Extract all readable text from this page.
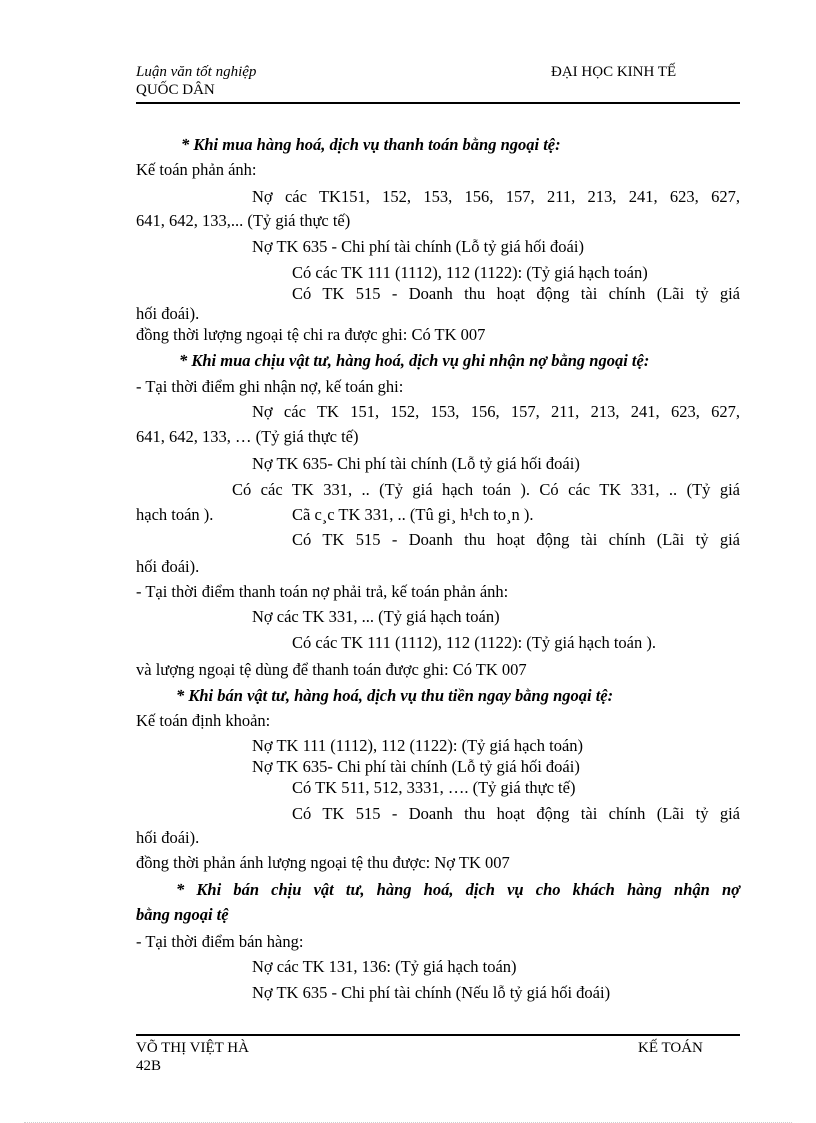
Luận văn tốt nghiệp	ĐẠI HỌC KINH TẾ
QUỐC DÂN
* Khi mua hàng hoá, dịch vụ thanh toán bằng ngoại tệ:
Kế toán phản ánh:
Nợ các TK151, 152, 153, 156, 157, 211, 213, 241, 623, 627,
641, 642, 133,... (Tỷ giá thực tế)
Nợ TK 635 - Chi phí tài chính (Lỗ tỷ giá hối đoái)
Có các TK 111 (1112), 112 (1122): (Tỷ giá hạch toán)
Có TK 515 - Doanh thu hoạt động tài chính (Lãi tỷ giá
hối đoái).
đồng thời lượng ngoại tệ chi ra được ghi: Có TK 007
* Khi mua chịu vật tư, hàng hoá, dịch vụ ghi nhận nợ bằng ngoại tệ:
- Tại thời điểm ghi nhận nợ, kế toán ghi:
Nợ các TK 151, 152, 153, 156, 157, 211, 213, 241, 623, 627,
641, 642, 133, … (Tỷ giá thực tế)
Nợ TK 635- Chi phí tài chính (Lỗ tỷ giá hối đoái)
Có các TK 331, .. (Tỷ giá hạch toán ). Có các TK 331, .. (Tỷ giá
hạch toán ).	Cã c¸c TK 331, .. (Tû gi¸ h¹ch to¸n ).
Có TK 515 - Doanh thu hoạt động tài chính (Lãi tỷ giá
hối đoái).
- Tại thời điểm thanh toán nợ phải trả, kế toán phản ánh:
Nợ các TK 331, ... (Tỷ giá hạch toán)
Có các TK 111 (1112), 112 (1122): (Tỷ giá hạch toán ).
và lượng ngoại tệ dùng để thanh toán được ghi: Có TK 007
* Khi bán vật tư, hàng hoá, dịch vụ thu tiền ngay bằng ngoại tệ:
Kế toán định khoản:
Nợ TK 111 (1112), 112 (1122): (Tỷ giá hạch toán)
Nợ TK 635- Chi phí tài chính (Lỗ tỷ giá hối đoái)
Có TK 511, 512, 3331, …. (Tỷ giá thực tế)
Có TK 515 - Doanh thu hoạt động tài chính (Lãi tỷ giá
hối đoái).
đồng thời phản ánh lượng ngoại tệ thu được: Nợ TK 007
* Khi bán chịu vật tư, hàng hoá, dịch vụ cho khách hàng nhận nợ
bằng ngoại tệ
- Tại thời điểm bán hàng:
Nợ các TK 131, 136: (Tỷ giá hạch toán)
Nợ TK 635 - Chi phí tài chính (Nếu lỗ tỷ giá hối đoái)
VÕ THỊ VIỆT HÀ	KẾ TOÁN
42B
